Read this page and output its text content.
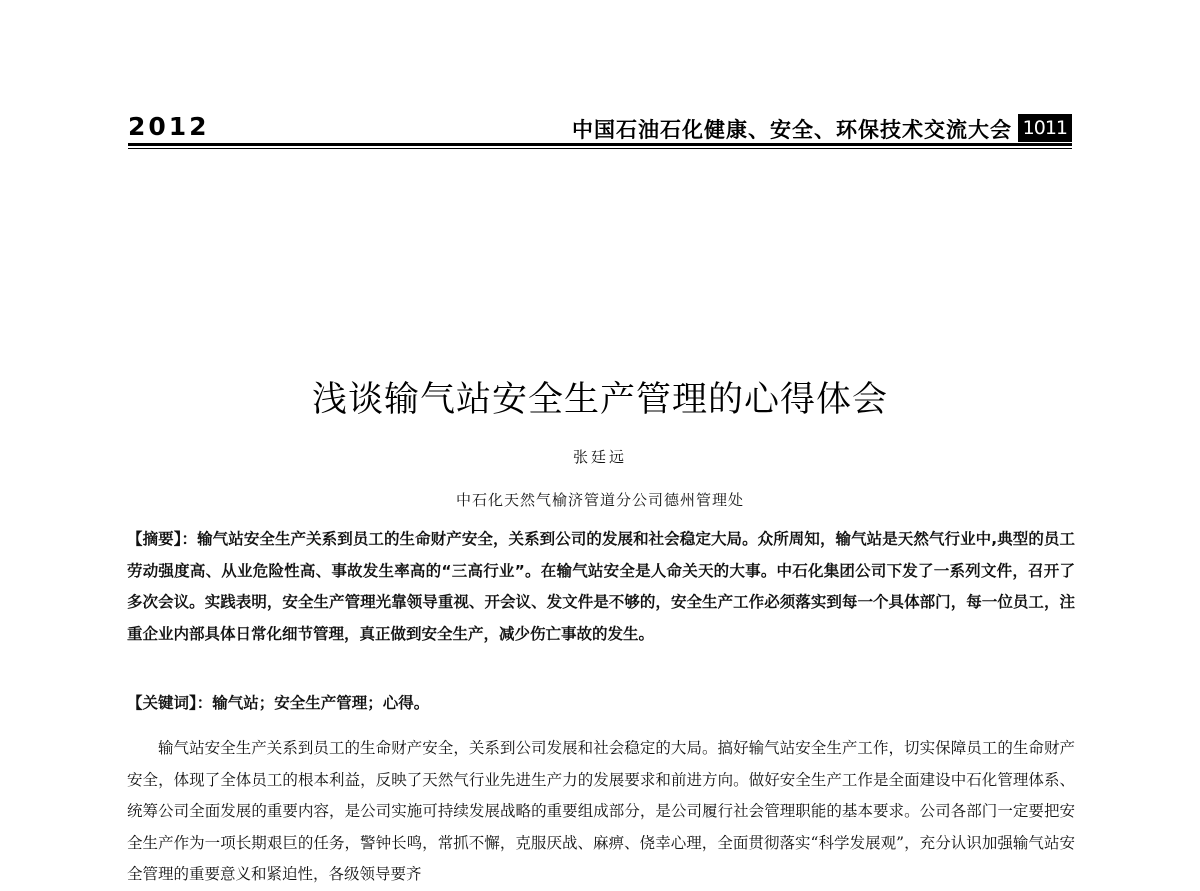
2012	中国石油石化健康、安全、环保技术交流大会 1011
浅谈输气站安全生产管理的心得体会
张廷远
中石化天然气榆济管道分公司德州管理处

【摘要】：输气站安全生产关系到员工的生命财产安全，关系到公司的发展和社会稳定大局。众所周知，输气站是天然气行业中,典型的员工劳动强度高、从业危险性高、事故发生率高的“三高行业”。在输气站安全是人命关天的大事。中石化集团公司下发了一系列文件，召开了多次会议。实践表明，安全生产管理光靠领导重视、开会议、发文件是不够的，安全生产工作必须落实到每一个具体部门，每一位员工，注重企业内部具体日常化细节管理，真正做到安全生产，减少伤亡事故的发生。

【关键词】：输气站；安全生产管理；心得。

输气站安全生产关系到员工的生命财产安全，关系到公司发展和社会稳定的大局。搞好输气站安全生产工作，切实保障员工的生命财产安全，体现了全体员工的根本利益，反映了天然气行业先进生产力的发展要求和前进方向。做好安全生产工作是全面建设中石化管理体系、统筹公司全面发展的重要内容，是公司实施可持续发展战略的重要组成部分，是公司履行社会管理职能的基本要求。公司各部门一定要把安全生产作为一项长期艰巨的任务，警钟长鸣，常抓不懈，克服厌战、麻痹、侥幸心理，全面贯彻落实“科学发展观”，充分认识加强输气站安全管理的重要意义和紧迫性，各级领导要齐
